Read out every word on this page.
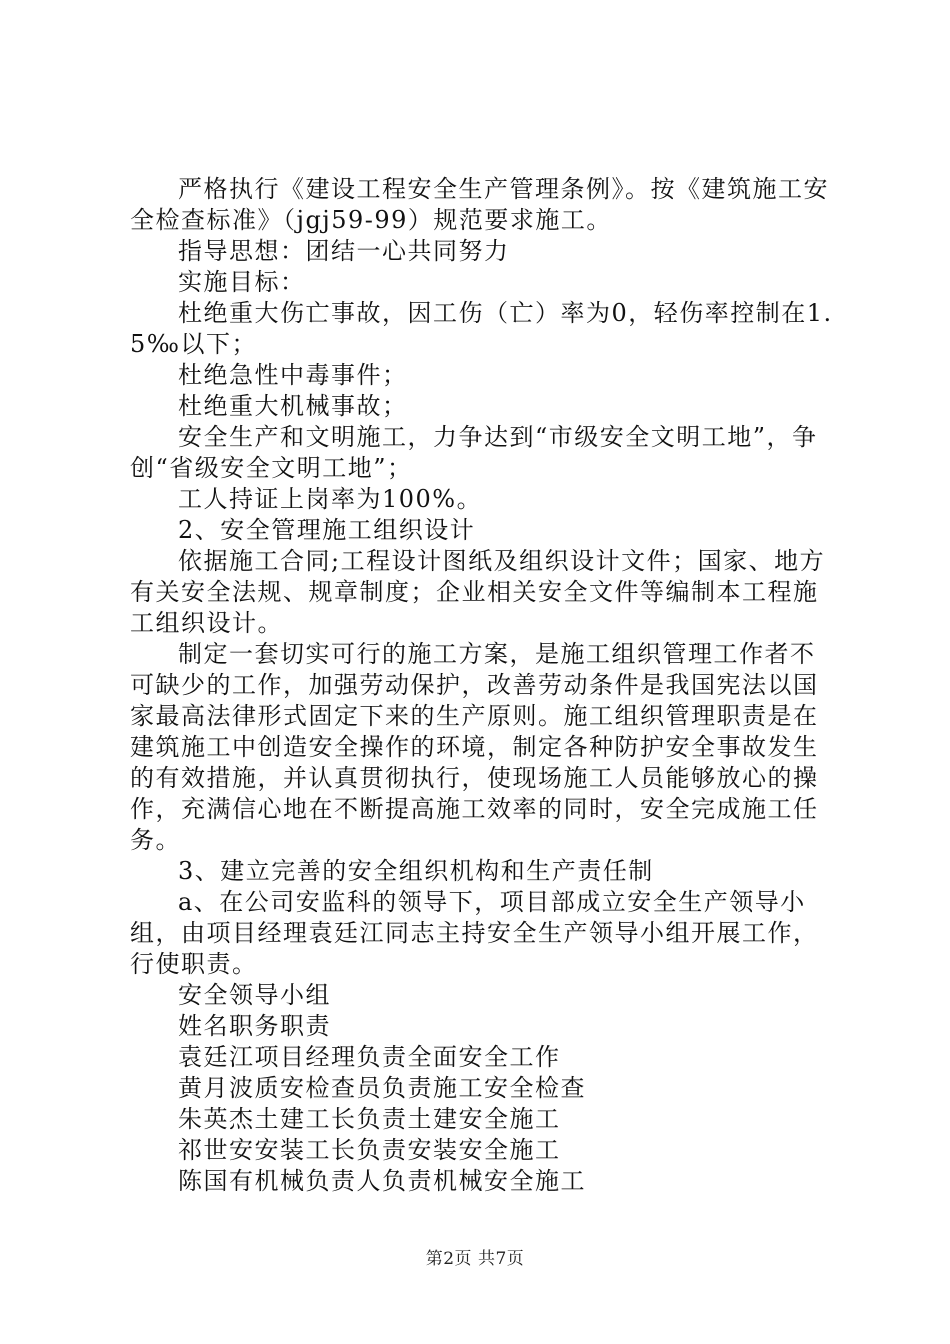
严格执行《建设工程安全生产管理条例》。按《建筑施工安全检查标准》（jgj59-99）规范要求施工。

指导思想：团结一心共同努力

实施目标：

杜绝重大伤亡事故，因工伤（亡）率为0，轻伤率控制在1.5‰以下；

杜绝急性中毒事件；

杜绝重大机械事故；

安全生产和文明施工，力争达到“市级安全文明工地”，争创“省级安全文明工地”；

工人持证上岗率为100%。

2、安全管理施工组织设计

依据施工合同;工程设计图纸及组织设计文件；国家、地方有关安全法规、规章制度；企业相关安全文件等编制本工程施工组织设计。

制定一套切实可行的施工方案，是施工组织管理工作者不可缺少的工作，加强劳动保护，改善劳动条件是我国宪法以国家最高法律形式固定下来的生产原则。施工组织管理职责是在建筑施工中创造安全操作的环境，制定各种防护安全事故发生的有效措施，并认真贯彻执行，使现场施工人员能够放心的操作，充满信心地在不断提高施工效率的同时，安全完成施工任务。

3、建立完善的安全组织机构和生产责任制

a、在公司安监科的领导下，项目部成立安全生产领导小组，由项目经理袁廷江同志主持安全生产领导小组开展工作，行使职责。

安全领导小组

姓名职务职责

袁廷江项目经理负责全面安全工作

黄月波质安检查员负责施工安全检查

朱英杰土建工长负责土建安全施工

祁世安安装工长负责安装安全施工

陈国有机械负责人负责机械安全施工

第2页 共7页
